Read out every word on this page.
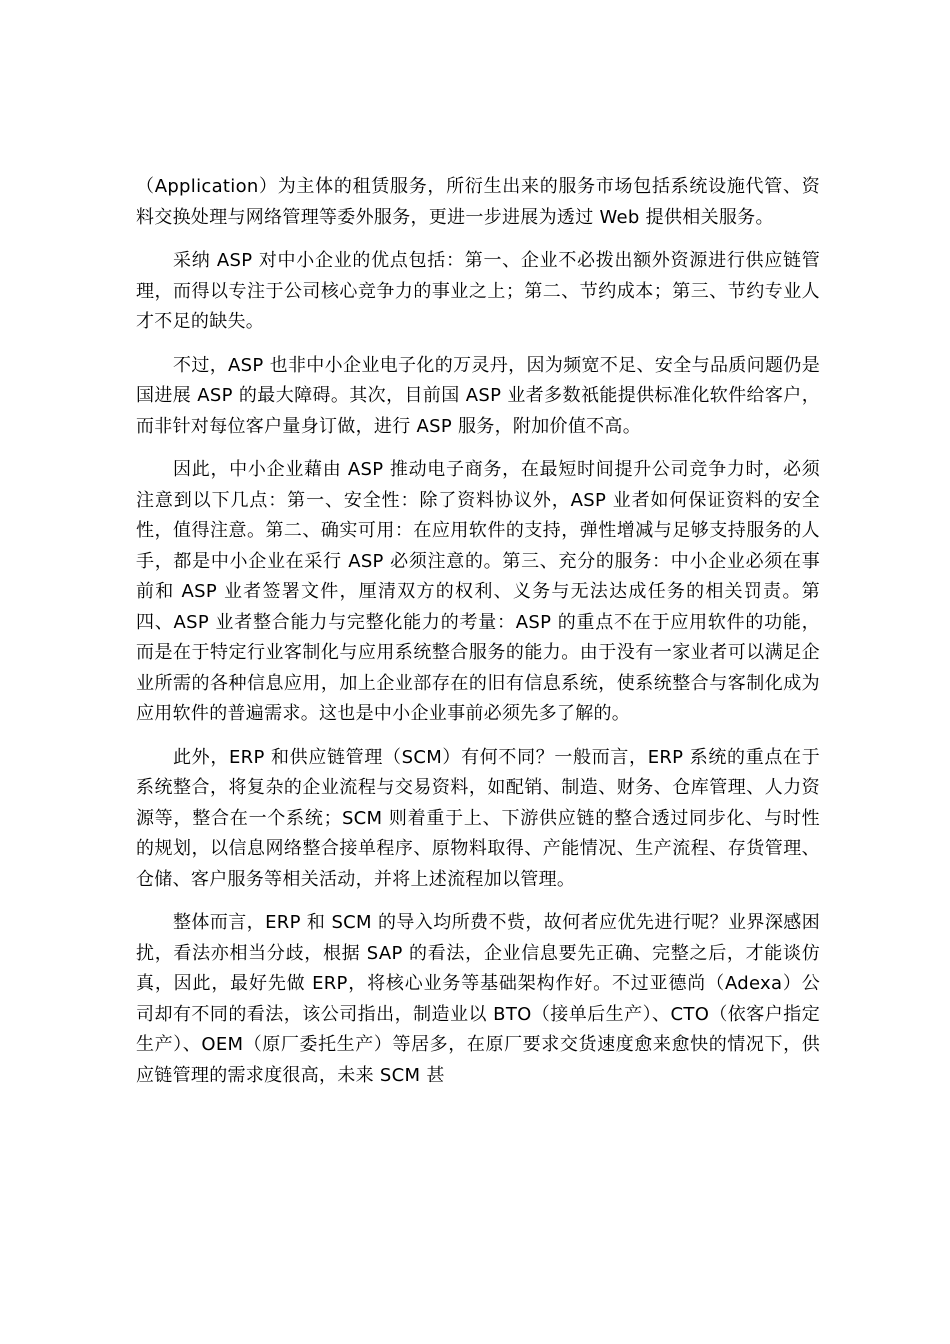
（Application）为主体的租赁服务，所衍生出来的服务市场包括系统设施代管、资料交换处理与网络管理等委外服务，更进一步进展为透过 Web 提供相关服务。

采纳 ASP 对中小企业的优点包括：第一、企业不必拨出额外资源进行供应链管理，而得以专注于公司核心竞争力的事业之上；第二、节约成本；第三、节约专业人才不足的缺失。

不过，ASP 也非中小企业电子化的万灵丹，因为频宽不足、安全与品质问题仍是国进展 ASP 的最大障碍。其次，目前国 ASP 业者多数祇能提供标准化软件给客户，而非针对每位客户量身订做，进行 ASP 服务，附加价值不高。

因此，中小企业藉由 ASP 推动电子商务，在最短时间提升公司竞争力时，必须注意到以下几点：第一、安全性：除了资料协议外，ASP 业者如何保证资料的安全性，值得注意。第二、确实可用：在应用软件的支持，弹性增减与足够支持服务的人手，都是中小企业在采行 ASP 必须注意的。第三、充分的服务：中小企业必须在事前和 ASP 业者签署文件，厘清双方的权利、义务与无法达成任务的相关罚责。第四、ASP 业者整合能力与完整化能力的考量：ASP 的重点不在于应用软件的功能，而是在于特定行业客制化与应用系统整合服务的能力。由于没有一家业者可以满足企业所需的各种信息应用，加上企业部存在的旧有信息系统，使系统整合与客制化成为应用软件的普遍需求。这也是中小企业事前必须先多了解的。

此外，ERP 和供应链管理（SCM）有何不同？一般而言，ERP 系统的重点在于系统整合，将复杂的企业流程与交易资料，如配销、制造、财务、仓库管理、人力资源等，整合在一个系统；SCM 则着重于上、下游供应链的整合透过同步化、与时性的规划，以信息网络整合接单程序、原物料取得、产能情况、生产流程、存货管理、仓储、客户服务等相关活动，并将上述流程加以管理。

整体而言，ERP 和 SCM 的导入均所费不赀，故何者应优先进行呢？业界深感困扰，看法亦相当分歧，根据 SAP 的看法，企业信息要先正确、完整之后，才能谈仿真，因此，最好先做 ERP，将核心业务等基础架构作好。不过亚德尚（Adexa）公司却有不同的看法，该公司指出，制造业以 BTO（接单后生产）、CTO（依客户指定生产）、OEM（原厂委托生产）等居多，在原厂要求交货速度愈来愈快的情况下，供应链管理的需求度很高，未来 SCM 甚
